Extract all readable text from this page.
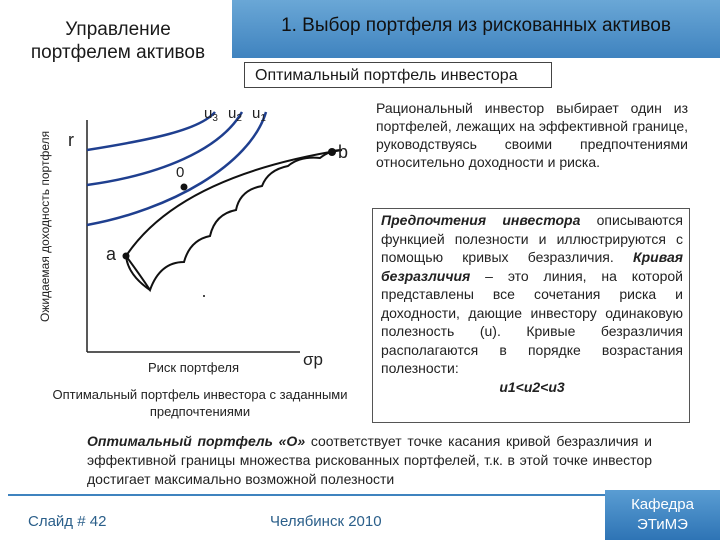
Управление портфелем активов
1. Выбор портфеля из рискованных активов
Оптимальный портфель инвестора
Ожидаемая доходность портфеля r
b
0
a
$u_3$ $u_2$ $u_1$
Риск портфеля	σp
Оптимальный портфель инвестора с заданными предпочтениями
Рациональный инвестор выбирает один из портфелей, лежащих на эффективной границе, руководствуясь своими предпочтениями относительно доходности и риска.
Предпочтения инвестора описываются функцией полезности и иллюстрируются с помощью кривых безразличия. Кривая безразличия – это линия, на которой представлены все сочетания риска и доходности, дающие инвестору одинаковую полезность (u). Кривые безразличия располагаются в порядке возрастания полезности:
u1<u2<u3
Оптимальный портфель «О» соответствует точке касания кривой безразличия и эффективной границы множества рискованных портфелей, т.к. в этой точке инвестор достигает максимально возможной полезности
Слайд # 42	Челябинск 2010
Кафедра
ЭТиМЭ
